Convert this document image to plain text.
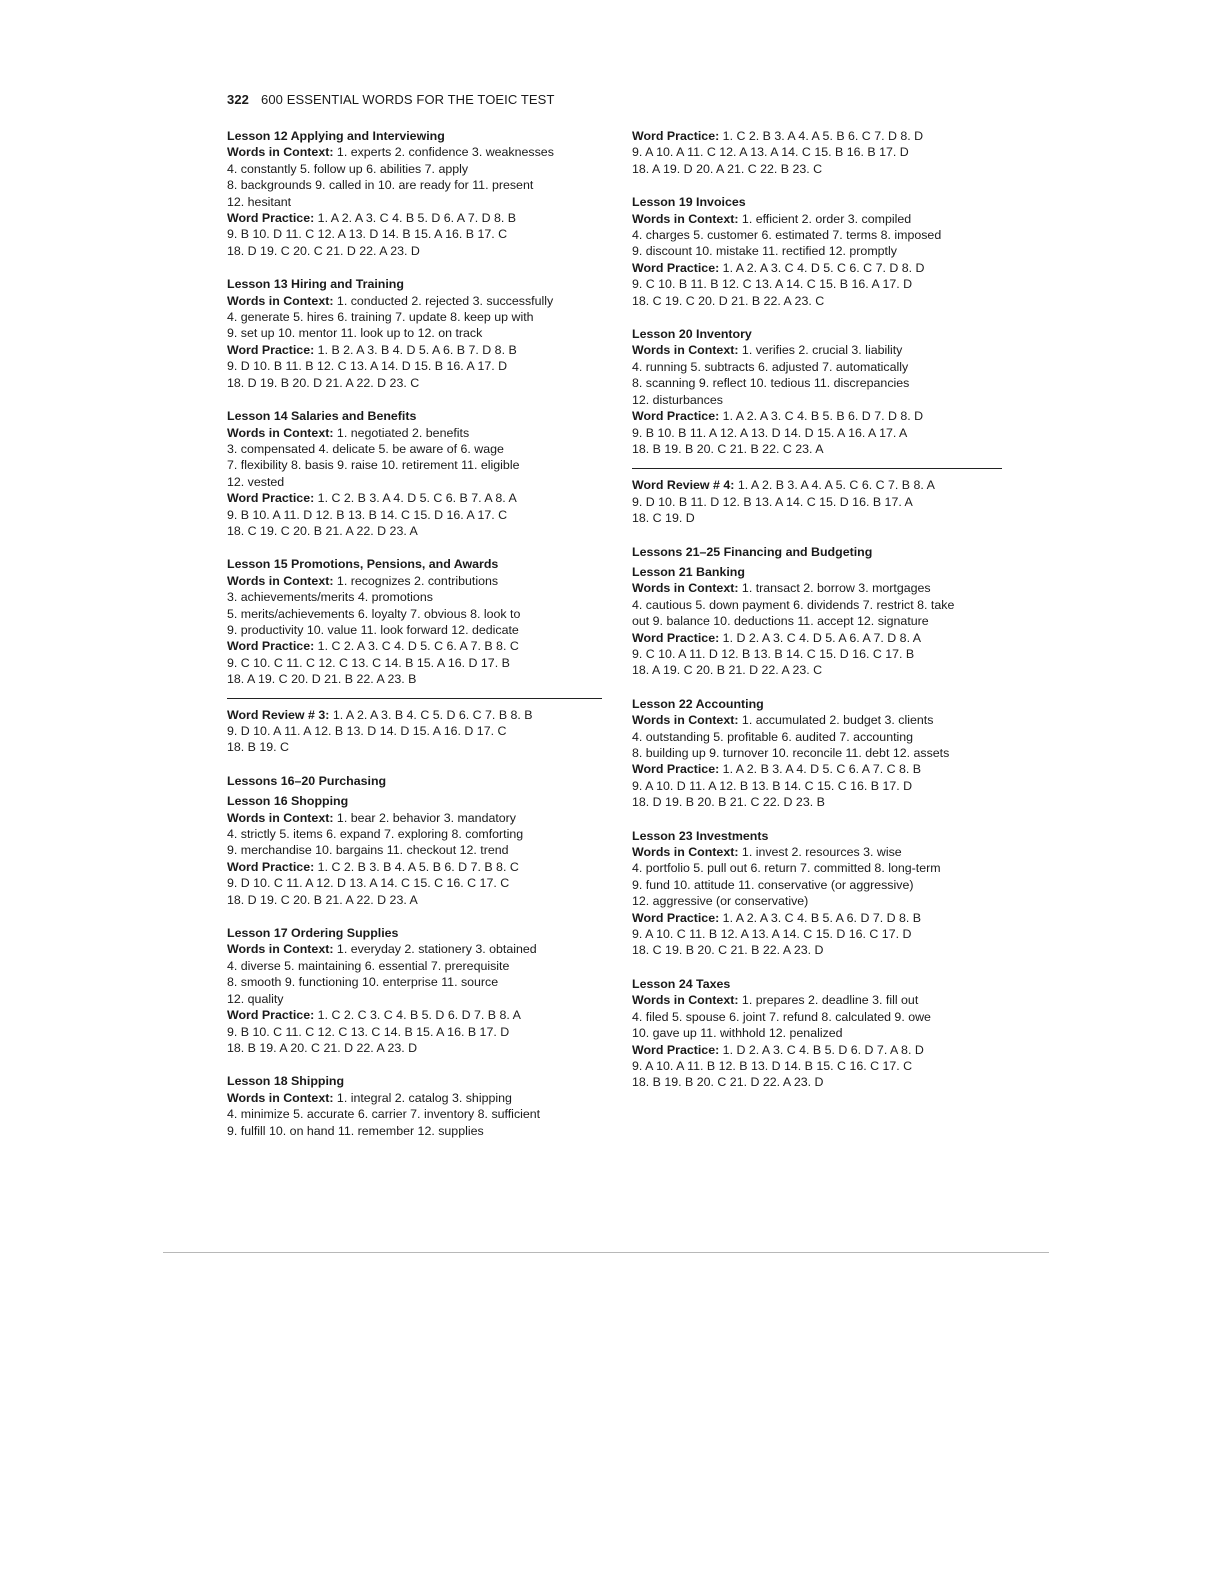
322 600 ESSENTIAL WORDS FOR THE TOEIC TEST
Lesson 12 Applying and Interviewing
Words in Context: 1. experts 2. confidence 3. weaknesses
4. constantly 5. follow up 6. abilities 7. apply
8. backgrounds 9. called in 10. are ready for 11. present
12. hesitant
Word Practice: 1. A 2. A 3. C 4. B 5. D 6. A 7. D 8. B
9. B 10. D 11. C 12. A 13. D 14. B 15. A 16. B 17. C
18. D 19. C 20. C 21. D 22. A 23. D
Lesson 13 Hiring and Training
Words in Context: 1. conducted 2. rejected 3. successfully
4. generate 5. hires 6. training 7. update 8. keep up with
9. set up 10. mentor 11. look up to 12. on track
Word Practice: 1. B 2. A 3. B 4. D 5. A 6. B 7. D 8. B
9. D 10. B 11. B 12. C 13. A 14. D 15. B 16. A 17. D
18. D 19. B 20. D 21. A 22. D 23. C
Lesson 14 Salaries and Benefits
Words in Context: 1. negotiated 2. benefits
3. compensated 4. delicate 5. be aware of 6. wage
7. flexibility 8. basis 9. raise 10. retirement 11. eligible
12. vested
Word Practice: 1. C 2. B 3. A 4. D 5. C 6. B 7. A 8. A
9. B 10. A 11. D 12. B 13. B 14. C 15. D 16. A 17. C
18. C 19. C 20. B 21. A 22. D 23. A
Lesson 15 Promotions, Pensions, and Awards
Words in Context: 1. recognizes 2. contributions
3. achievements/merits 4. promotions
5. merits/achievements 6. loyalty 7. obvious 8. look to
9. productivity 10. value 11. look forward 12. dedicate
Word Practice: 1. C 2. A 3. C 4. D 5. C 6. A 7. B 8. C
9. C 10. C 11. C 12. C 13. C 14. B 15. A 16. D 17. B
18. A 19. C 20. D 21. B 22. A 23. B
Word Review # 3: 1. A 2. A 3. B 4. C 5. D 6. C 7. B 8. B
9. D 10. A 11. A 12. B 13. D 14. D 15. A 16. D 17. C
18. B 19. C
Lessons 16–20 Purchasing
Lesson 16 Shopping
Words in Context: 1. bear 2. behavior 3. mandatory
4. strictly 5. items 6. expand 7. exploring 8. comforting
9. merchandise 10. bargains 11. checkout 12. trend
Word Practice: 1. C 2. B 3. B 4. A 5. B 6. D 7. B 8. C
9. D 10. C 11. A 12. D 13. A 14. C 15. C 16. C 17. C
18. D 19. C 20. B 21. A 22. D 23. A
Lesson 17 Ordering Supplies
Words in Context: 1. everyday 2. stationery 3. obtained
4. diverse 5. maintaining 6. essential 7. prerequisite
8. smooth 9. functioning 10. enterprise 11. source
12. quality
Word Practice: 1. C 2. C 3. C 4. B 5. D 6. D 7. B 8. A
9. B 10. C 11. C 12. C 13. C 14. B 15. A 16. B 17. D
18. B 19. A 20. C 21. D 22. A 23. D
Lesson 18 Shipping
Words in Context: 1. integral 2. catalog 3. shipping
4. minimize 5. accurate 6. carrier 7. inventory 8. sufficient
9. fulfill 10. on hand 11. remember 12. supplies
Word Practice: 1. C 2. B 3. A 4. A 5. B 6. C 7. D 8. D
9. A 10. A 11. C 12. A 13. A 14. C 15. B 16. B 17. D
18. A 19. D 20. A 21. C 22. B 23. C
Lesson 19 Invoices
Words in Context: 1. efficient 2. order 3. compiled
4. charges 5. customer 6. estimated 7. terms 8. imposed
9. discount 10. mistake 11. rectified 12. promptly
Word Practice: 1. A 2. A 3. C 4. D 5. C 6. C 7. D 8. D
9. C 10. B 11. B 12. C 13. A 14. C 15. B 16. A 17. D
18. C 19. C 20. D 21. B 22. A 23. C
Lesson 20 Inventory
Words in Context: 1. verifies 2. crucial 3. liability
4. running 5. subtracts 6. adjusted 7. automatically
8. scanning 9. reflect 10. tedious 11. discrepancies
12. disturbances
Word Practice: 1. A 2. A 3. C 4. B 5. B 6. D 7. D 8. D
9. B 10. B 11. A 12. A 13. D 14. D 15. A 16. A 17. A
18. B 19. B 20. C 21. B 22. C 23. A
Word Review # 4: 1. A 2. B 3. A 4. A 5. C 6. C 7. B 8. A
9. D 10. B 11. D 12. B 13. A 14. C 15. D 16. B 17. A
18. C 19. D
Lessons 21–25 Financing and Budgeting
Lesson 21 Banking
Words in Context: 1. transact 2. borrow 3. mortgages
4. cautious 5. down payment 6. dividends 7. restrict 8. take
out 9. balance 10. deductions 11. accept 12. signature
Word Practice: 1. D 2. A 3. C 4. D 5. A 6. A 7. D 8. A
9. C 10. A 11. D 12. B 13. B 14. C 15. D 16. C 17. B
18. A 19. C 20. B 21. D 22. A 23. C
Lesson 22 Accounting
Words in Context: 1. accumulated 2. budget 3. clients
4. outstanding 5. profitable 6. audited 7. accounting
8. building up 9. turnover 10. reconcile 11. debt 12. assets
Word Practice: 1. A 2. B 3. A 4. D 5. C 6. A 7. C 8. B
9. A 10. D 11. A 12. B 13. B 14. C 15. C 16. B 17. D
18. D 19. B 20. B 21. C 22. D 23. B
Lesson 23 Investments
Words in Context: 1. invest 2. resources 3. wise
4. portfolio 5. pull out 6. return 7. committed 8. long-term
9. fund 10. attitude 11. conservative (or aggressive)
12. aggressive (or conservative)
Word Practice: 1. A 2. A 3. C 4. B 5. A 6. D 7. D 8. B
9. A 10. C 11. B 12. A 13. A 14. C 15. D 16. C 17. D
18. C 19. B 20. C 21. B 22. A 23. D
Lesson 24 Taxes
Words in Context: 1. prepares 2. deadline 3. fill out
4. filed 5. spouse 6. joint 7. refund 8. calculated 9. owe
10. gave up 11. withhold 12. penalized
Word Practice: 1. D 2. A 3. C 4. B 5. D 6. D 7. A 8. D
9. A 10. A 11. B 12. B 13. D 14. B 15. C 16. C 17. C
18. B 19. B 20. C 21. D 22. A 23. D
